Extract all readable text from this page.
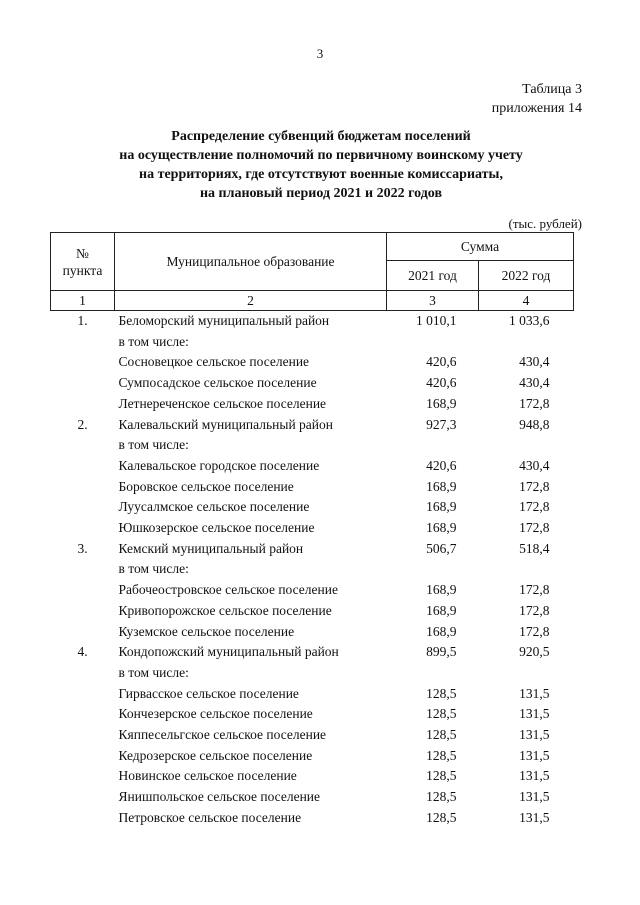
3
Таблица 3
приложения 14
Распределение субвенций бюджетам поселений
на осуществление полномочий по первичному воинскому учету
на территориях, где отсутствуют военные комиссариаты,
на плановый период 2021 и 2022 годов
(тыс. рублей)
№ пункта	Муниципальное образование	Сумма	
		2021 год	2022 год
1	2	3	4
1.	Беломорский муниципальный район	1 010,1	1 033,6
	в том числе:		
	Сосновецкое сельское поселение	420,6	430,4
	Сумпосадское сельское поселение	420,6	430,4
	Летнереченское сельское поселение	168,9	172,8
2.	Калевальский муниципальный район	927,3	948,8
	в том числе:		
	Калевальское городское поселение	420,6	430,4
	Боровское сельское поселение	168,9	172,8
	Луусалмское сельское поселение	168,9	172,8
	Юшкозерское сельское поселение	168,9	172,8
3.	Кемский муниципальный район	506,7	518,4
	в том числе:		
	Рабочеостровское сельское поселение	168,9	172,8
	Кривопорожское сельское поселение	168,9	172,8
	Куземское сельское поселение	168,9	172,8
4.	Кондопожский муниципальный район	899,5	920,5
	в том числе:		
	Гирвасское сельское поселение	128,5	131,5
	Кончезерское сельское поселение	128,5	131,5
	Кяппесельгское сельское поселение	128,5	131,5
	Кедрозерское сельское поселение	128,5	131,5
	Новинское сельское поселение	128,5	131,5
	Янишпольское сельское поселение	128,5	131,5
	Петровское сельское поселение	128,5	131,5
